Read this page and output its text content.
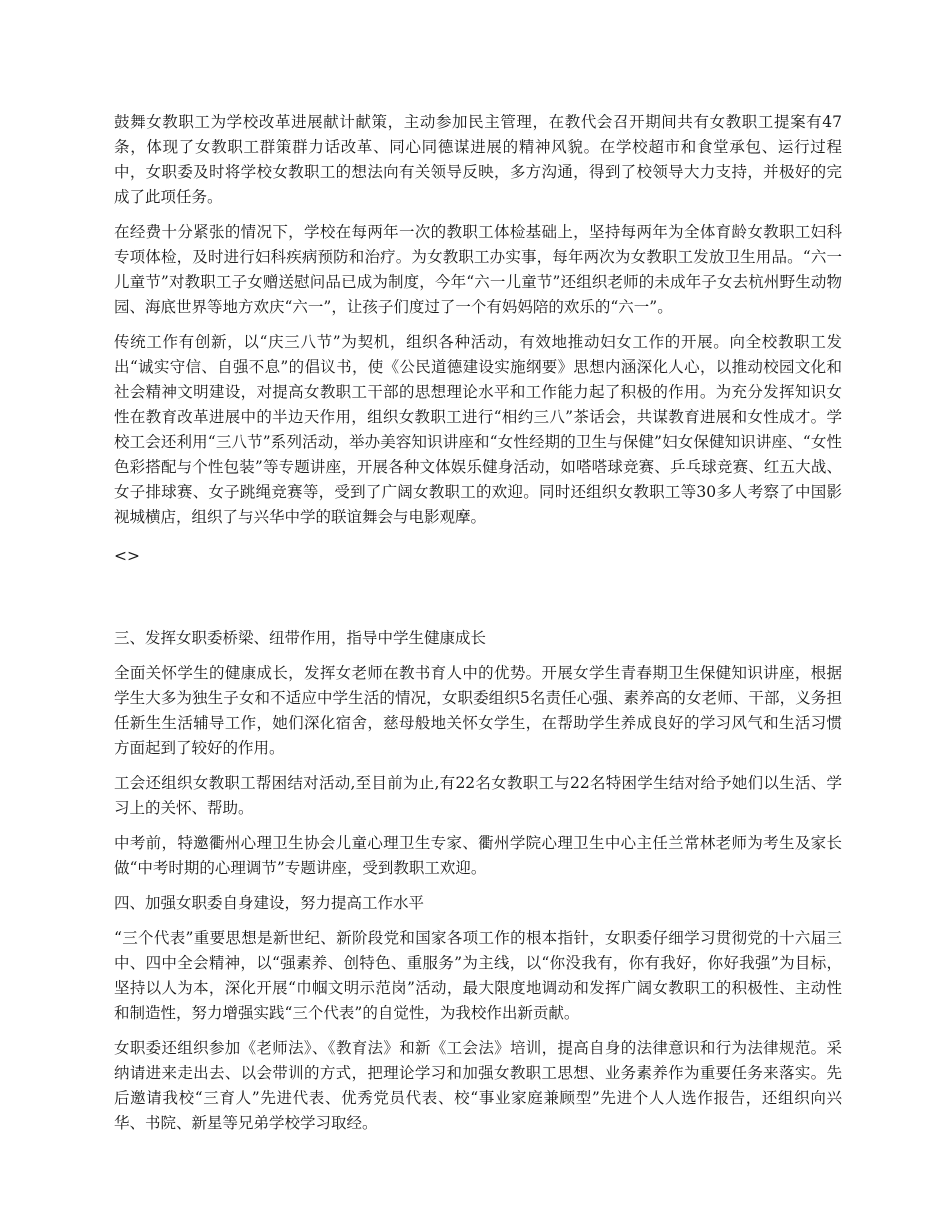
鼓舞女教职工为学校改革进展献计献策，主动参加民主管理，在教代会召开期间共有女教职工提案有47条，体现了女教职工群策群力话改革、同心同德谋进展的精神风貌。在学校超市和食堂承包、运行过程中，女职委及时将学校女教职工的想法向有关领导反映，多方沟通，得到了校领导大力支持，并极好的完成了此项任务。

在经费十分紧张的情况下，学校在每两年一次的教职工体检基础上，坚持每两年为全体育龄女教职工妇科专项体检，及时进行妇科疾病预防和治疗。为女教职工办实事，每年两次为女教职工发放卫生用品。“六一儿童节”对教职工子女赠送慰问品已成为制度，今年“六一儿童节”还组织老师的未成年子女去杭州野生动物园、海底世界等地方欢庆“六一”，让孩子们度过了一个有妈妈陪的欢乐的“六一”。

传统工作有创新，以“庆三八节”为契机，组织各种活动，有效地推动妇女工作的开展。向全校教职工发出“诚实守信、自强不息”的倡议书，使《公民道德建设实施纲要》思想内涵深化人心，以推动校园文化和社会精神文明建设，对提高女教职工干部的思想理论水平和工作能力起了积极的作用。为充分发挥知识女性在教育改革进展中的半边天作用，组织女教职工进行“相约三八”茶话会，共谋教育进展和女性成才。学校工会还利用“三八节”系列活动，举办美容知识讲座和“女性经期的卫生与保健”妇女保健知识讲座、“女性色彩搭配与个性包装”等专题讲座，开展各种文体娱乐健身活动，如嗒嗒球竞赛、乒乓球竞赛、红五大战、女子排球赛、女子跳绳竞赛等，受到了广阔女教职工的欢迎。同时还组织女教职工等30多人考察了中国影视城横店，组织了与兴华中学的联谊舞会与电影观摩。

<>

三、发挥女职委桥梁、纽带作用，指导中学生健康成长

全面关怀学生的健康成长，发挥女老师在教书育人中的优势。开展女学生青春期卫生保健知识讲座，根据学生大多为独生子女和不适应中学生活的情况，女职委组织5名责任心强、素养高的女老师、干部，义务担任新生生活辅导工作，她们深化宿舍，慈母般地关怀女学生，在帮助学生养成良好的学习风气和生活习惯方面起到了较好的作用。

工会还组织女教职工帮困结对活动,至目前为止,有22名女教职工与22名特困学生结对给予她们以生活、学习上的关怀、帮助。

中考前，特邀衢州心理卫生协会儿童心理卫生专家、衢州学院心理卫生中心主任兰常林老师为考生及家长做“中考时期的心理调节”专题讲座，受到教职工欢迎。

四、加强女职委自身建设，努力提高工作水平

“三个代表”重要思想是新世纪、新阶段党和国家各项工作的根本指针，女职委仔细学习贯彻党的十六届三中、四中全会精神，以“强素养、创特色、重服务”为主线，以“你没我有，你有我好，你好我强”为目标，坚持以人为本，深化开展“巾帼文明示范岗”活动，最大限度地调动和发挥广阔女教职工的积极性、主动性和制造性，努力增强实践“三个代表”的自觉性，为我校作出新贡献。

女职委还组织参加《老师法》、《教育法》和新《工会法》培训，提高自身的法律意识和行为法律规范。采纳请进来走出去、以会带训的方式，把理论学习和加强女教职工思想、业务素养作为重要任务来落实。先后邀请我校“三育人”先进代表、优秀党员代表、校“事业家庭兼顾型”先进个人人选作报告，还组织向兴华、书院、新星等兄弟学校学习取经。
